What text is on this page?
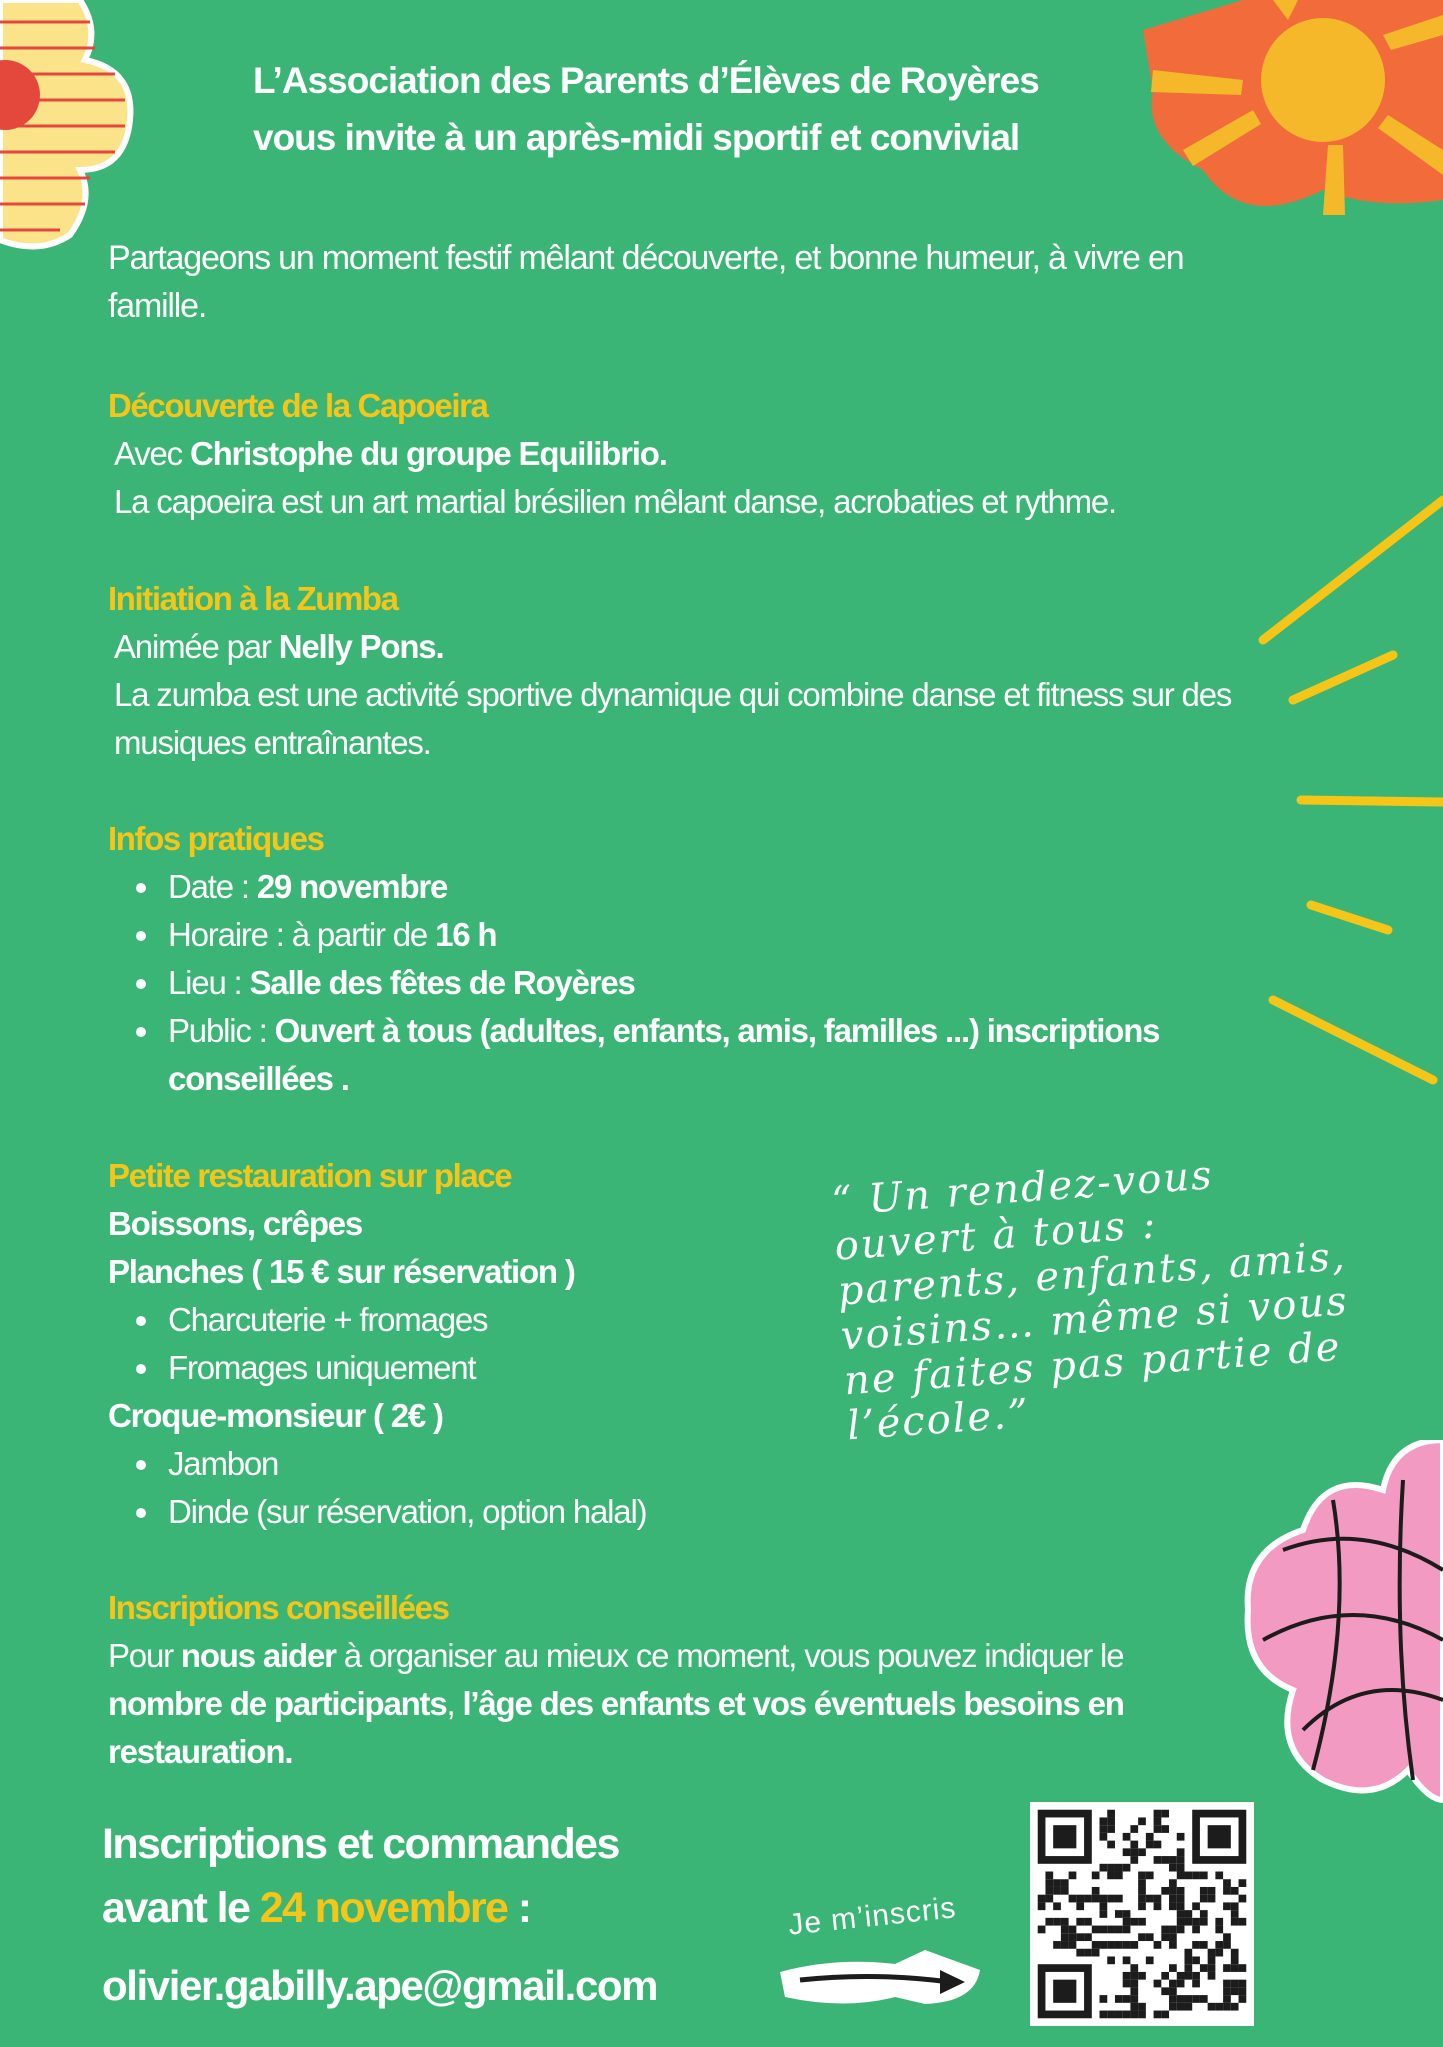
L’Association des Parents d’Élèves de Royères
vous invite à un après-midi sportif et convivial
Partageons un moment festif mêlant découverte, et bonne humeur, à vivre en famille.
Découverte de la Capoeira
Avec Christophe du groupe Equilibrio.
La capoeira est un art martial brésilien mêlant danse, acrobaties et rythme.
Initiation à la Zumba
Animée par Nelly Pons.
La zumba est une activité sportive dynamique qui combine danse et fitness sur des musiques entraînantes.
Infos pratiques
Date : 29 novembre
Horaire : à partir de 16 h
Lieu : Salle des fêtes de Royères
Public : Ouvert à tous (adultes, enfants, amis, familles ...) inscriptions conseillées .
Petite restauration sur place
Boissons, crêpes
Planches ( 15 € sur réservation )
Charcuterie + fromages
Fromages uniquement
Croque-monsieur ( 2€ )
Jambon
Dinde (sur réservation, option halal)
“ Un rendez-vous ouvert à tous : parents, enfants, amis, voisins… même si vous ne faites pas partie de l’école.”
Inscriptions conseillées
Pour nous aider à organiser au mieux ce moment, vous pouvez indiquer le nombre de participants, l’âge des enfants et vos éventuels besoins en restauration.
Inscriptions et commandes
avant le 24 novembre :
olivier.gabilly.ape@gmail.com
Je m’inscris
